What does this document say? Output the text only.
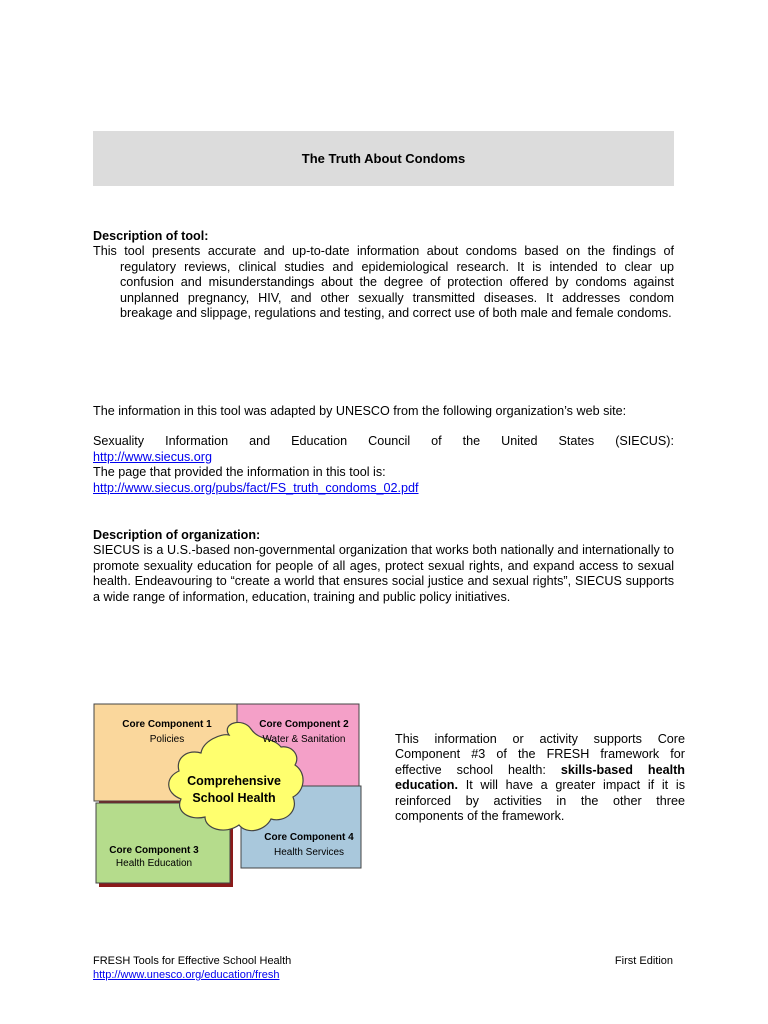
The Truth About Condoms
Description of tool:
This tool presents accurate and up-to-date information about condoms based on the findings of regulatory reviews, clinical studies and epidemiological research. It is intended to clear up confusion and misunderstandings about the degree of protection offered by condoms against unplanned pregnancy, HIV, and other sexually transmitted diseases. It addresses condom breakage and slippage, regulations and testing, and correct use of both male and female condoms.
The information in this tool was adapted by UNESCO from the following organization’s web site:
Sexuality Information and Education Council of the United States (SIECUS):
http://www.siecus.org
The page that provided the information in this tool is:
http://www.siecus.org/pubs/fact/FS_truth_condoms_02.pdf
Description of organization:
SIECUS is a U.S.-based non-governmental organization that works both nationally and internationally to promote sexuality education for people of all ages, protect sexual rights, and expand access to sexual health. Endeavouring to “create a world that ensures social justice and sexual rights”, SIECUS supports a wide range of information, education, training and public policy initiatives.
Core Component 1
Policies
Core Component 2
Water & Sanitation
Comprehensive
School Health
Core Component 4
Health Services
Core Component 3
Health Education
This information or activity supports Core Component #3 of the FRESH framework for effective school health: skills-based health education. It will have a greater impact if it is reinforced by activities in the other three components of the framework.
FRESH Tools for Effective School Health
http://www.unesco.org/education/fresh
First Edition
